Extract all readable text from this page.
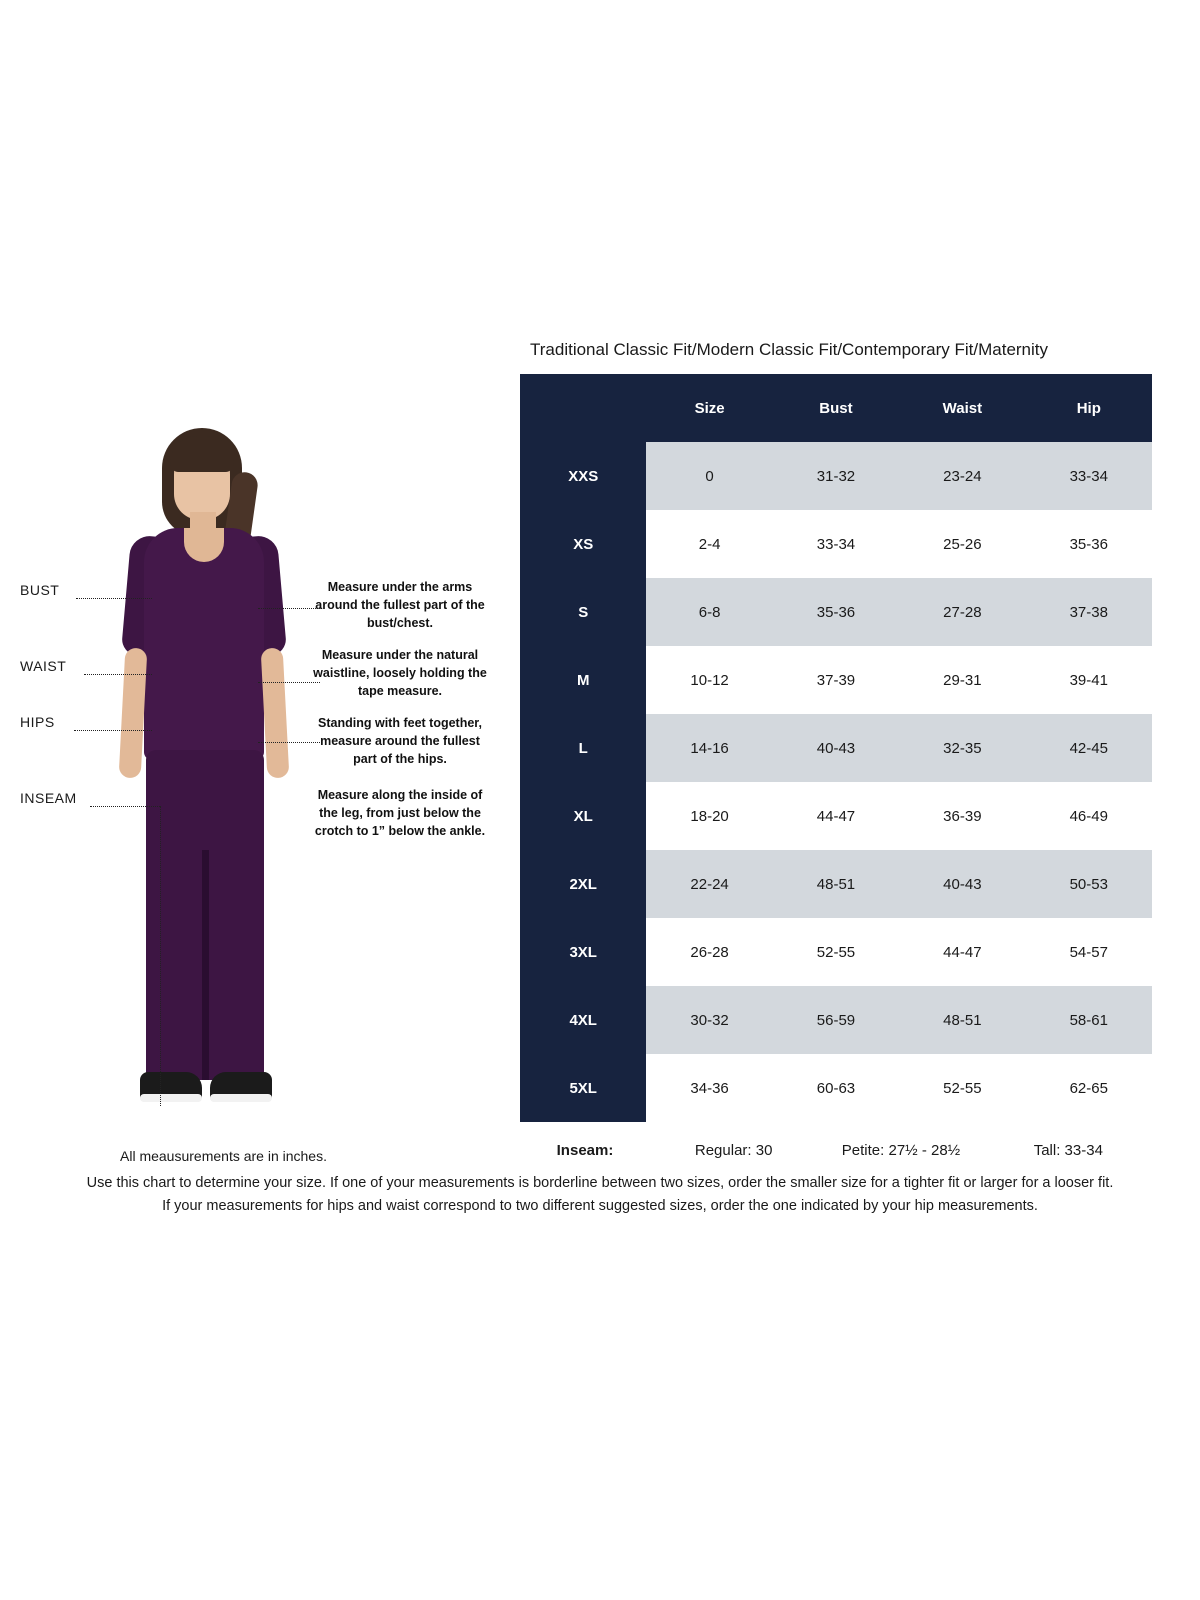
BUST
WAIST
HIPS
INSEAM
Measure under the arms around the fullest part of the bust/chest.
Measure under the natural waistline, loosely holding the tape measure.
Standing with feet together, measure around the fullest part of the hips.
Measure along the inside of the leg, from just below the crotch to 1” below the ankle.
All meausurements are in inches.
Traditional Classic Fit/Modern Classic Fit/Contemporary Fit/Maternity
	Size	Bust	Waist	Hip
XXS	0	31-32	23-24	33-34
XS	2-4	33-34	25-26	35-36
S	6-8	35-36	27-28	37-38
M	10-12	37-39	29-31	39-41
L	14-16	40-43	32-35	42-45
XL	18-20	44-47	36-39	46-49
2XL	22-24	48-51	40-43	50-53
3XL	26-28	52-55	44-47	54-57
4XL	30-32	56-59	48-51	58-61
5XL	34-36	60-63	52-55	62-65
Inseam:	Regular: 30	Petite: 27½ - 28½	Tall: 33-34
Use this chart to determine your size. If one of your measurements is borderline between two sizes, order the smaller size for a tighter fit or larger for a looser fit.
If your measurements for hips and waist correspond to two different suggested sizes, order the one indicated by your hip measurements.
